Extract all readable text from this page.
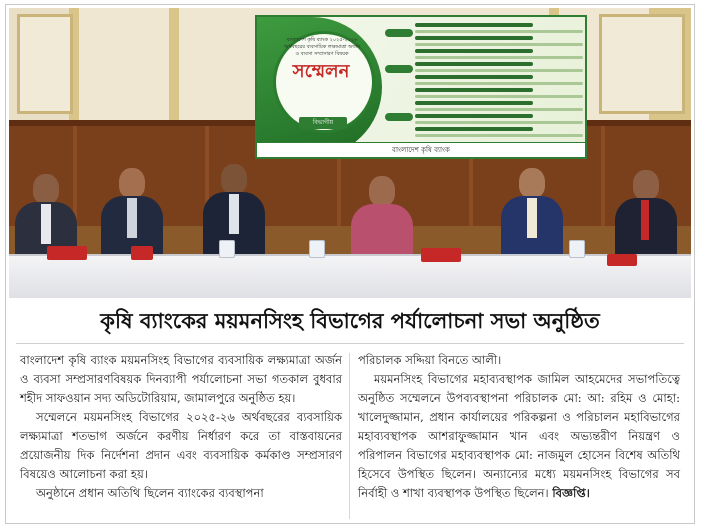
বাংলাদেশ কৃষি ব্যাংক ২০২৫-২০২৬ অর্থবছরের ব্যবসায়িক লক্ষ্যমাত্রা অর্জন ও ব্যবসা সম্প্রসারণ বিষয়ক
সম্মেলন
বিভাগীয়
বাংলাদেশ কৃষি ব্যাংক
কৃষি ব্যাংকের ময়মনসিংহ বিভাগের পর্যালোচনা সভা অনুষ্ঠিত

বাংলাদেশ কৃষি ব্যাংক ময়মনসিংহ বিভাগের ব্যবসায়িক লক্ষ্যমাত্রা অর্জন ও ব্যবসা সম্প্রসারণবিষয়ক দিনব্যাপী পর্যালোচনা সভা গতকাল বুধবার শহীদ সাফওয়ান সদ্য অডিটোরিয়াম, জামালপুরে অনুষ্ঠিত হয়।

সম্মেলনে ময়মনসিংহ বিভাগের ২০২৫-২৬ অর্থবছরের ব্যবসায়িক লক্ষ্যমাত্রা শতভাগ অর্জনে করণীয় নির্ধারণ করে তা বাস্তবায়নের প্রয়োজনীয় দিক নির্দেশনা প্রদান এবং ব্যবসায়িক কর্মকাণ্ড সম্প্রসারণ বিষয়েও আলোচনা করা হয়।

অনুষ্ঠানে প্রধান অতিথি ছিলেন ব্যাংকের ব্যবস্থাপনা

পরিচালক সদ্দিয়া বিনতে আলী।

ময়মনসিংহ বিভাগের মহাব্যবস্থাপক জামিল আহমেদের সভাপতিত্বে অনুষ্ঠিত সম্মেলনে উপব্যবস্থাপনা পরিচালক মো: আ: রহিম ও মোহা: খালেদুজ্জামান, প্রধান কার্যালয়ের পরিকল্পনা ও পরিচালন মহাবিভাগের মহাব্যবস্থাপক আশরাফুজ্জামান খান এবং অভ্যন্তরীণ নিয়ন্ত্রণ ও পরিপালন বিভাগের মহাব্যবস্থাপক মো: নাজমুল হোসেন বিশেষ অতিথি হিসেবে উপস্থিত ছিলেন। অন্যান্যের মধ্যে ময়মনসিংহ বিভাগের সব নির্বাহী ও শাখা ব্যবস্থাপক উপস্থিত ছিলেন। বিজ্ঞপ্তি।
